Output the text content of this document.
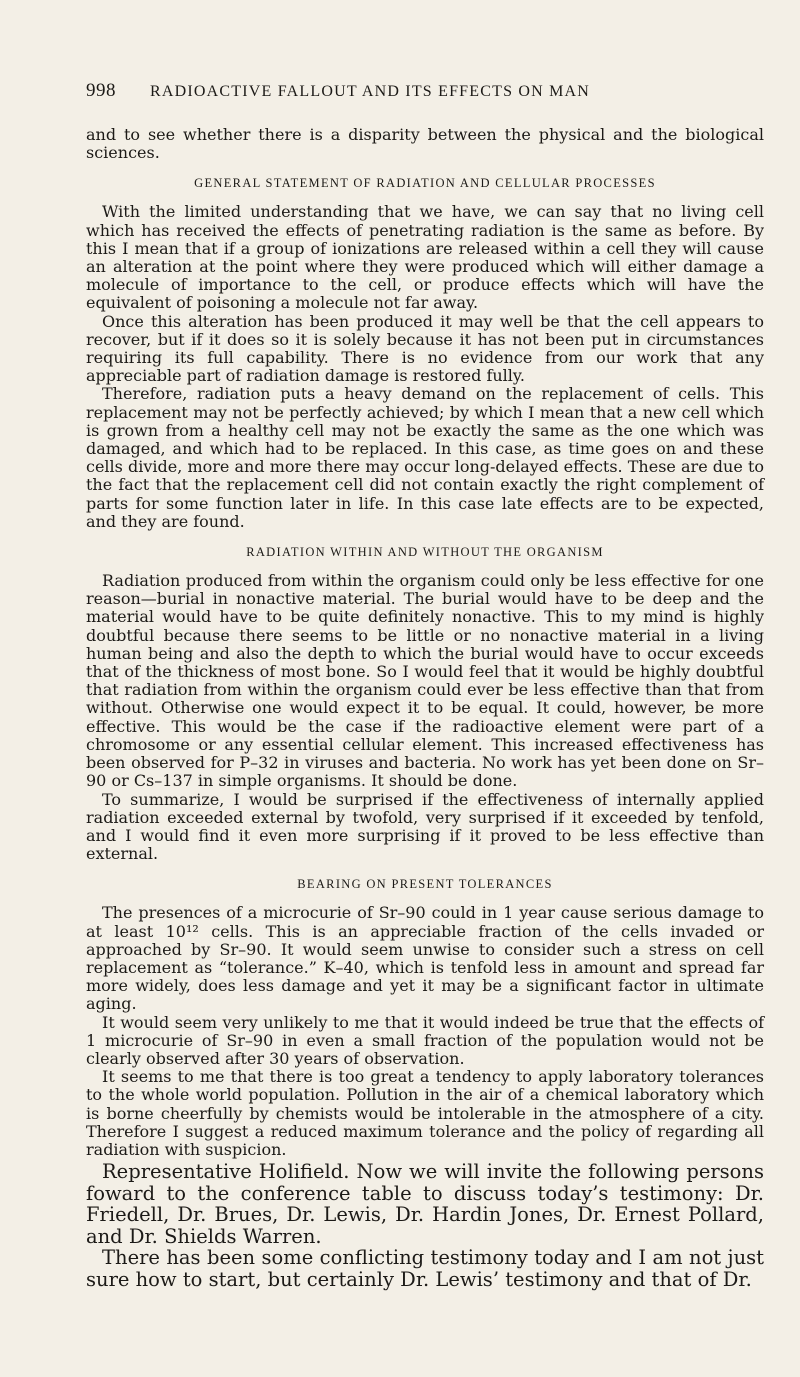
998 RADIOACTIVE FALLOUT AND ITS EFFECTS ON MAN

and to see whether there is a disparity between the physical and the biological sciences.

GENERAL STATEMENT OF RADIATION AND CELLULAR PROCESSES

With the limited understanding that we have, we can say that no living cell which has received the effects of penetrating radiation is the same as before. By this I mean that if a group of ionizations are released within a cell they will cause an alteration at the point where they were produced which will either damage a molecule of importance to the cell, or produce effects which will have the equivalent of poisoning a molecule not far away.

Once this alteration has been produced it may well be that the cell appears to recover, but if it does so it is solely because it has not been put in circumstances requiring its full capability. There is no evidence from our work that any appreciable part of radiation damage is restored fully.

Therefore, radiation puts a heavy demand on the replacement of cells. This replacement may not be perfectly achieved; by which I mean that a new cell which is grown from a healthy cell may not be exactly the same as the one which was damaged, and which had to be replaced. In this case, as time goes on and these cells divide, more and more there may occur long-delayed effects. These are due to the fact that the replacement cell did not contain exactly the right complement of parts for some function later in life. In this case late effects are to be expected, and they are found.

RADIATION WITHIN AND WITHOUT THE ORGANISM

Radiation produced from within the organism could only be less effective for one reason—burial in nonactive material. The burial would have to be deep and the material would have to be quite definitely nonactive. This to my mind is highly doubtful because there seems to be little or no nonactive material in a living human being and also the depth to which the burial would have to occur exceeds that of the thickness of most bone. So I would feel that it would be highly doubtful that radiation from within the organism could ever be less effective than that from without. Otherwise one would expect it to be equal. It could, however, be more effective. This would be the case if the radioactive element were part of a chromosome or any essential cellular element. This increased effectiveness has been observed for P–32 in viruses and bacteria. No work has yet been done on Sr–90 or Cs–137 in simple organisms. It should be done.

To summarize, I would be surprised if the effectiveness of internally applied radiation exceeded external by twofold, very surprised if it exceeded by tenfold, and I would find it even more surprising if it proved to be less effective than external.

BEARING ON PRESENT TOLERANCES

The presences of a microcurie of Sr–90 could in 1 year cause serious damage to at least 10¹² cells. This is an appreciable fraction of the cells invaded or approached by Sr–90. It would seem unwise to consider such a stress on cell replacement as “tolerance.” K–40, which is tenfold less in amount and spread far more widely, does less damage and yet it may be a significant factor in ultimate aging.

It would seem very unlikely to me that it would indeed be true that the effects of 1 microcurie of Sr–90 in even a small fraction of the population would not be clearly observed after 30 years of observation.

It seems to me that there is too great a tendency to apply laboratory tolerances to the whole world population. Pollution in the air of a chemical laboratory which is borne cheerfully by chemists would be intolerable in the atmosphere of a city. Therefore I suggest a reduced maximum tolerance and the policy of regarding all radiation with suspicion.

Representative Holifield. Now we will invite the following persons foward to the conference table to discuss today’s testimony: Dr. Friedell, Dr. Brues, Dr. Lewis, Dr. Hardin Jones, Dr. Ernest Pollard, and Dr. Shields Warren.

There has been some conflicting testimony today and I am not just sure how to start, but certainly Dr. Lewis’ testimony and that of Dr.
